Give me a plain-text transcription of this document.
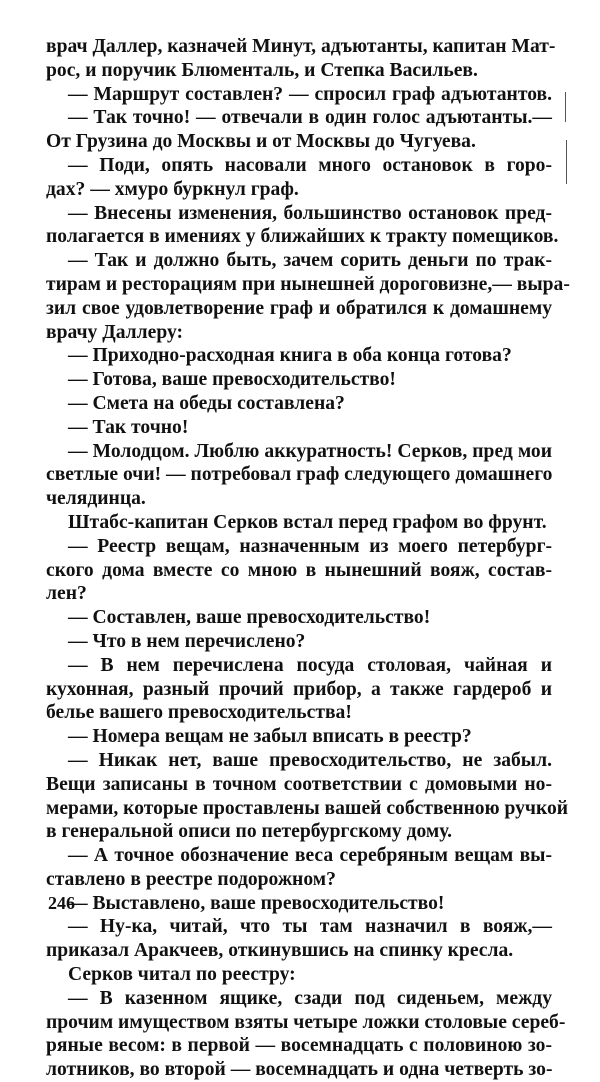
врач Даллер, казначей Минут, адъютанты, капитан Мат-
рос, и поручик Блюменталь, и Степка Васильев.
— Маршрут составлен? — спросил граф адъютантов.
— Так точно! — отвечали в один голос адъютанты.—
От Грузина до Москвы и от Москвы до Чугуева.
— Поди, опять насовали много остановок в горо-
дах? — хмуро буркнул граф.
— Внесены изменения, большинство остановок пред-
полагается в имениях у ближайших к тракту помещиков.
— Так и должно быть, зачем сорить деньги по трак-
тирам и ресторациям при нынешней дороговизне,— выра-
зил свое удовлетворение граф и обратился к домашнему
врачу Даллеру:
— Приходно-расходная книга в оба конца готова?
— Готова, ваше превосходительство!
— Смета на обеды составлена?
— Так точно!
— Молодцом. Люблю аккуратность! Серков, пред мои
светлые очи! — потребовал граф следующего домашнего
челядинца.
Штабс-капитан Серков встал перед графом во фрунт.
— Реестр вещам, назначенным из моего петербург-
ского дома вместе со мною в нынешний вояж, состав-
лен?
— Составлен, ваше превосходительство!
— Что в нем перечислено?
— В нем перечислена посуда столовая, чайная и
кухонная, разный прочий прибор, а также гардероб и
белье вашего превосходительства!
— Номера вещам не забыл вписать в реестр?
— Никак нет, ваше превосходительство, не забыл.
Вещи записаны в точном соответствии с домовыми но-
мерами, которые проставлены вашей собственною ручкой
в генеральной описи по петербургскому дому.
— А точное обозначение веса серебряным вещам вы-
ставлено в реестре подорожном?
— Выставлено, ваше превосходительство!
— Ну-ка, читай, что ты там назначил в вояж,—
приказал Аракчеев, откинувшись на спинку кресла.
Серков читал по реестру:
— В казенном ящике, сзади под сиденьем, между
прочим имуществом взяты четыре ложки столовые сереб-
ряные весом: в первой — восемнадцать с половиною зо-
лотников, во второй — восемнадцать и одна четверть зо-
246
